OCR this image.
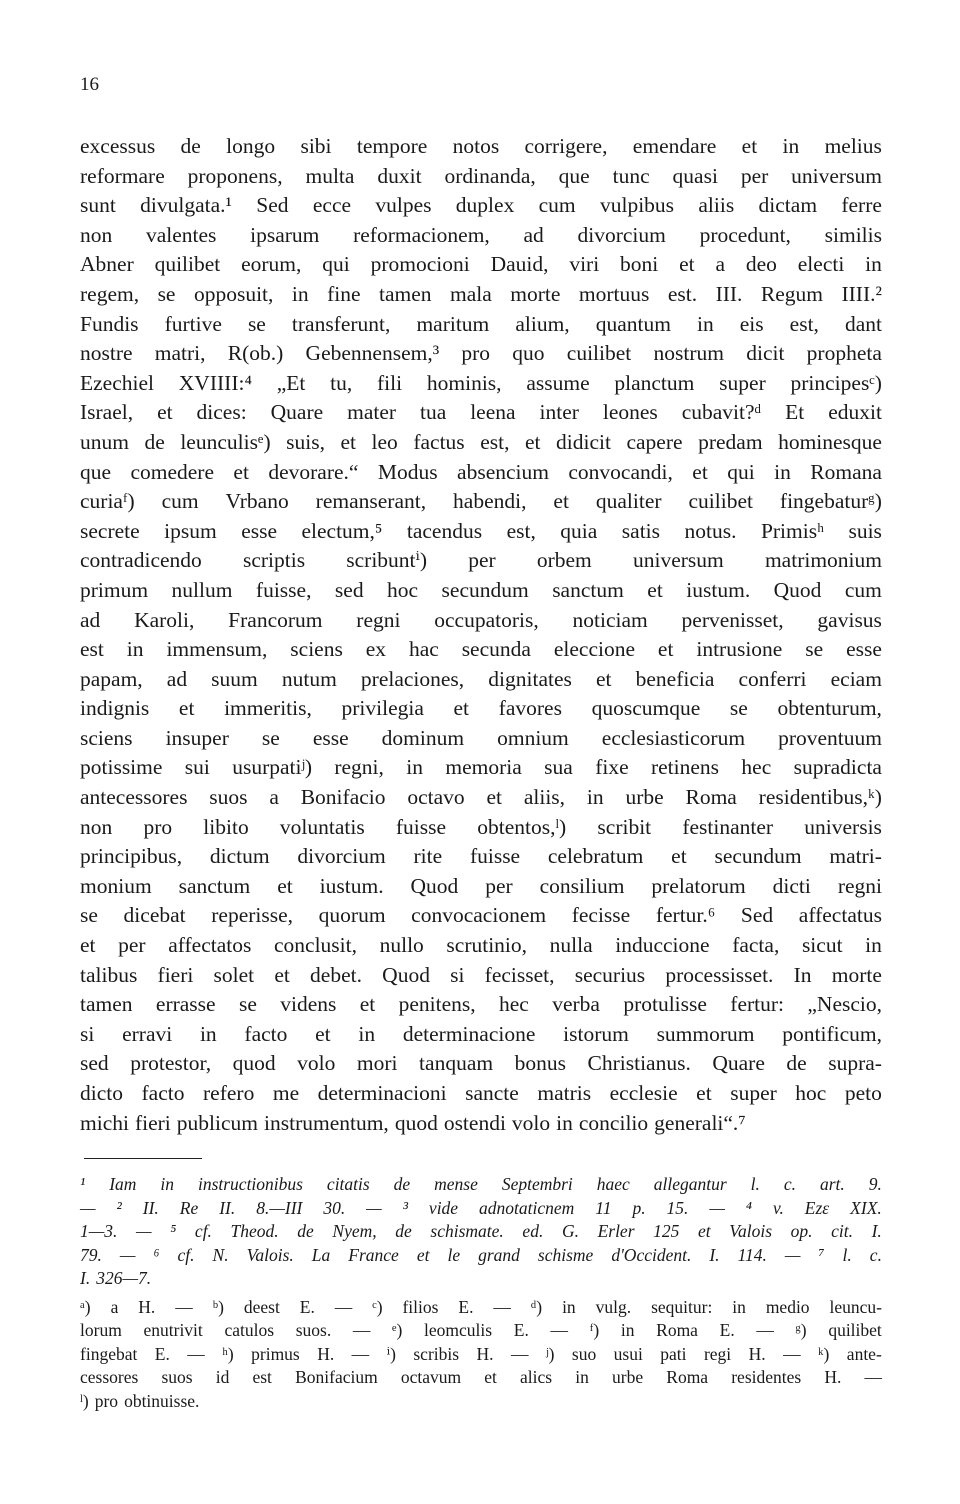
16
excessus de longo sibi tempore notos corrigere, emendare et in melius
reformare proponens, multa duxit ordinanda, que tunc quasi per universum
sunt divulgata.¹ Sed ecce vulpes duplex cum vulpibus aliis dictam ferre
non valentes ipsarum reformacionem, ad divorcium procedunt, similis
Abner quilibet eorum, qui promocioni Dauid, viri boni et a deo electi in
regem, se opposuit, in fine tamen mala morte mortuus est. III. Regum IIII.²
Fundis furtive se transferunt, maritum alium, quantum in eis est, dant
nostre matri, R(ob.) Gebennensem,³ pro quo cuilibet nostrum dicit propheta
Ezechiel XVIIII:⁴ „Et tu, fili hominis, assume planctum super principesᶜ)
Israel, et dices: Quare mater tua leena inter leones cubavit?ᵈ Et eduxit
unum de leunculisᵉ) suis, et leo factus est, et didicit capere predam hominesque
que comedere et devorare.“ Modus absencium convocandi, et qui in Romana
curiaᶠ) cum Vrbano remanserant, habendi, et qualiter cuilibet fingebaturᵍ)
secrete ipsum esse electum,⁵ tacendus est, quia satis notus. Primisʰ suis
contradicendo scriptis scribuntⁱ) per orbem universum matrimonium
primum nullum fuisse, sed hoc secundum sanctum et iustum. Quod cum
ad Karoli, Francorum regni occupatoris, noticiam pervenisset, gavisus
est in immensum, sciens ex hac secunda eleccione et intrusione se esse
papam, ad suum nutum prelaciones, dignitates et beneficia conferri eciam
indignis et immeritis, privilegia et favores quoscumque se obtenturum,
sciens insuper se esse dominum omnium ecclesiasticorum proventuum
potissime sui usurpatiʲ) regni, in memoria sua fixe retinens hec supradicta
antecessores suos a Bonifacio octavo et aliis, in urbe Roma residentibus,ᵏ)
non pro libito voluntatis fuisse obtentos,ˡ) scribit festinanter universis
principibus, dictum divorcium rite fuisse celebratum et secundum matri-
monium sanctum et iustum. Quod per consilium prelatorum dicti regni
se dicebat reperisse, quorum convocacionem fecisse fertur.⁶ Sed affectatus
et per affectatos conclusit, nullo scrutinio, nulla induccione facta, sicut in
talibus fieri solet et debet. Quod si fecisset, securius processisset. In morte
tamen errasse se videns et penitens, hec verba protulisse fertur: „Nescio,
si erravi in facto et in determinacione istorum summorum pontificum,
sed protestor, quod volo mori tanquam bonus Christianus. Quare de supra-
dicto facto refero me determinacioni sancte matris ecclesie et super hoc peto
michi fieri publicum instrumentum, quod ostendi volo in concilio generali“.⁷
¹ Iam in instructionibus citatis de mense Septembri haec allegantur l. c. art. 9.
— ² II. Re II. 8.—III 30. — ³ vide adnotaticnem 11 p. 15. — ⁴ v. Ezɛ XIX.
1—3. — ⁵ cf. Theod. de Nyem, de schismate. ed. G. Erler 125 et Valois op. cit. I.
79. — ⁶ cf. N. Valois. La France et le grand schisme d'Occident. I. 114. — ⁷ l. c.
I. 326—7.
ᵃ) a H. — ᵇ) deest E. — ᶜ) filios E. — ᵈ) in vulg. sequitur: in medio leuncu-
lorum enutrivit catulos suos. — ᵉ) leomculis E. — ᶠ) in Roma E. — ᵍ) quilibet
fingebat E. — ʰ) primus H. — ⁱ) scribis H. — ʲ) suo usui pati regi H. — ᵏ) ante-
cessores suos id est Bonifacium octavum et alics in urbe Roma residentes H. —
ˡ) pro obtinuisse.
